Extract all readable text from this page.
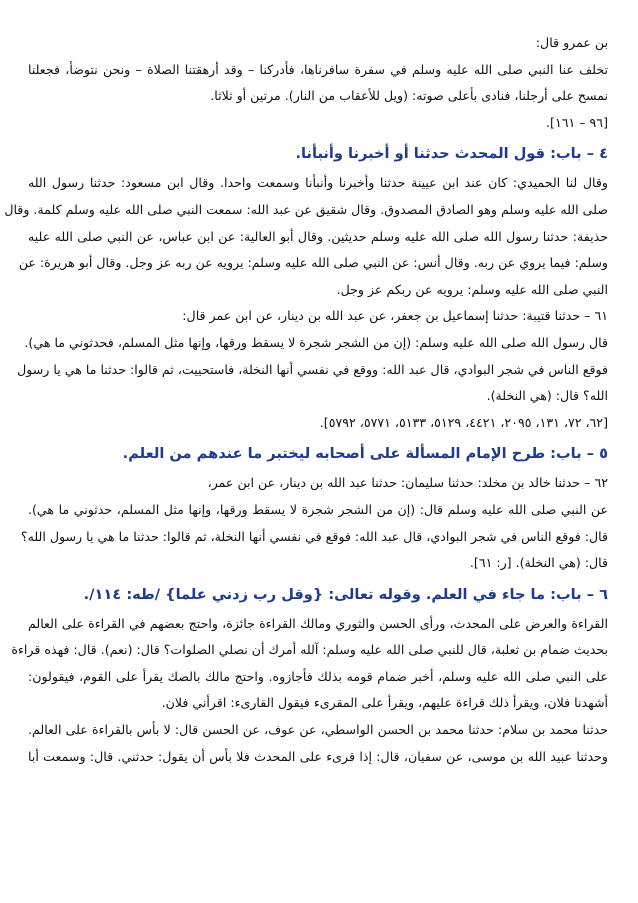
بن عمرو قال:

تخلف عنا النبي صلى الله عليه وسلم في سفرة سافرناها، فأدركنا – وقد أرهقتنا الصلاة – ونحن نتوضأ، فجعلنا

نمسح على أرجلنا، فنادى بأعلى صوته: (ويل للأعقاب من النار). مرتين أو ثلاثا.

[٩٦ – ١٦١].

٤ – باب: قول المحدث حدثنا أو أخبرنا وأنبأنا.

وقال لنا الحميدي: كان عند ابن عيينة حدثنا وأخبرنا وأنبأنا وسمعت واحدا. وقال ابن مسعود: حدثنا رسول الله

صلى الله عليه وسلم وهو الصادق المصدوق. وقال شقيق عن عبد الله: سمعت النبي صلى الله عليه وسلم كلمة. وقال

حذيفة: حدثنا رسول الله صلى الله عليه وسلم حديثين. وقال أبو العالية: عن ابن عباس، عن النبي صلى الله عليه

وسلم: فيما يروي عن ربه. وقال أنس: عن النبي صلى الله عليه وسلم: يرويه عن ربه عز وجل. وقال أبو هريرة: عن

النبي صلى الله عليه وسلم: يرويه عن ربكم عز وجل.

٦١ – حدثنا قتيبة: حدثنا إسماعيل بن جعفر، عن عبد الله بن دينار، عن ابن عمر قال:

قال رسول الله صلى الله عليه وسلم: (إن من الشجر شجرة لا يسقط ورقها، وإنها مثل المسلم، فحدثوني ما هي).

فوقع الناس في شجر البوادي، قال عبد الله: ووقع في نفسي أنها النخلة، فاستحييت، ثم قالوا: حدثنا ما هي يا رسول

الله؟ قال: (هي النخلة).

[٦٢، ٧٢، ١٣١، ٢٠٩٥، ٤٤٢١، ٥١٢٩، ٥١٣٣، ٥٧٧١، ٥٧٩٢].

٥ – باب: طرح الإمام المسألة على أصحابه ليختبر ما عندهم من العلم.

٦٢ – حدثنا خالد بن مخلد: حدثنا سليمان: حدثنا عبد الله بن دينار، عن ابن عمر،

عن النبي صلى الله عليه وسلم قال: (إن من الشجر شجرة لا يسقط ورقها، وإنها مثل المسلم، حدثوني ما هي).

قال: فوقع الناس في شجر البوادي، قال عبد الله: فوقع في نفسي أنها النخلة، ثم قالوا: حدثنا ما هي يا رسول الله؟

قال: (هي النخلة). [ر: ٦١].

٦ – باب: ما جاء في العلم. وقوله تعالى: {وقل رب زدني علما} /طه: ١١٤/.

القراءة والعرض على المحدث، ورأى الحسن والثوري ومالك القراءة جائزة، واحتج بعضهم في القراءة على العالم

بحديث ضمام بن ثعلبة، قال للنبي صلى الله عليه وسلم: آلله أمرك أن نصلي الصلوات؟ قال: (نعم). قال: فهذه قراءة

على النبي صلى الله عليه وسلم، أخبر ضمام قومه بذلك فأجازوه. واحتج مالك بالصك يقرأ على القوم، فيقولون:

أشهدنا فلان، ويقرأ ذلك قراءة عليهم، ويقرأ على المقرىء فيقول القارىء: اقرأني فلان.

حدثنا محمد بن سلام: حدثنا محمد بن الحسن الواسطي، عن عوف، عن الحسن قال: لا بأس بالقراءة على العالم.

وحدثنا عبيد الله بن موسى، عن سفيان، قال: إذا قرىء على المحدث فلا بأس أن يقول: حدثني. قال: وسمعت أبا
